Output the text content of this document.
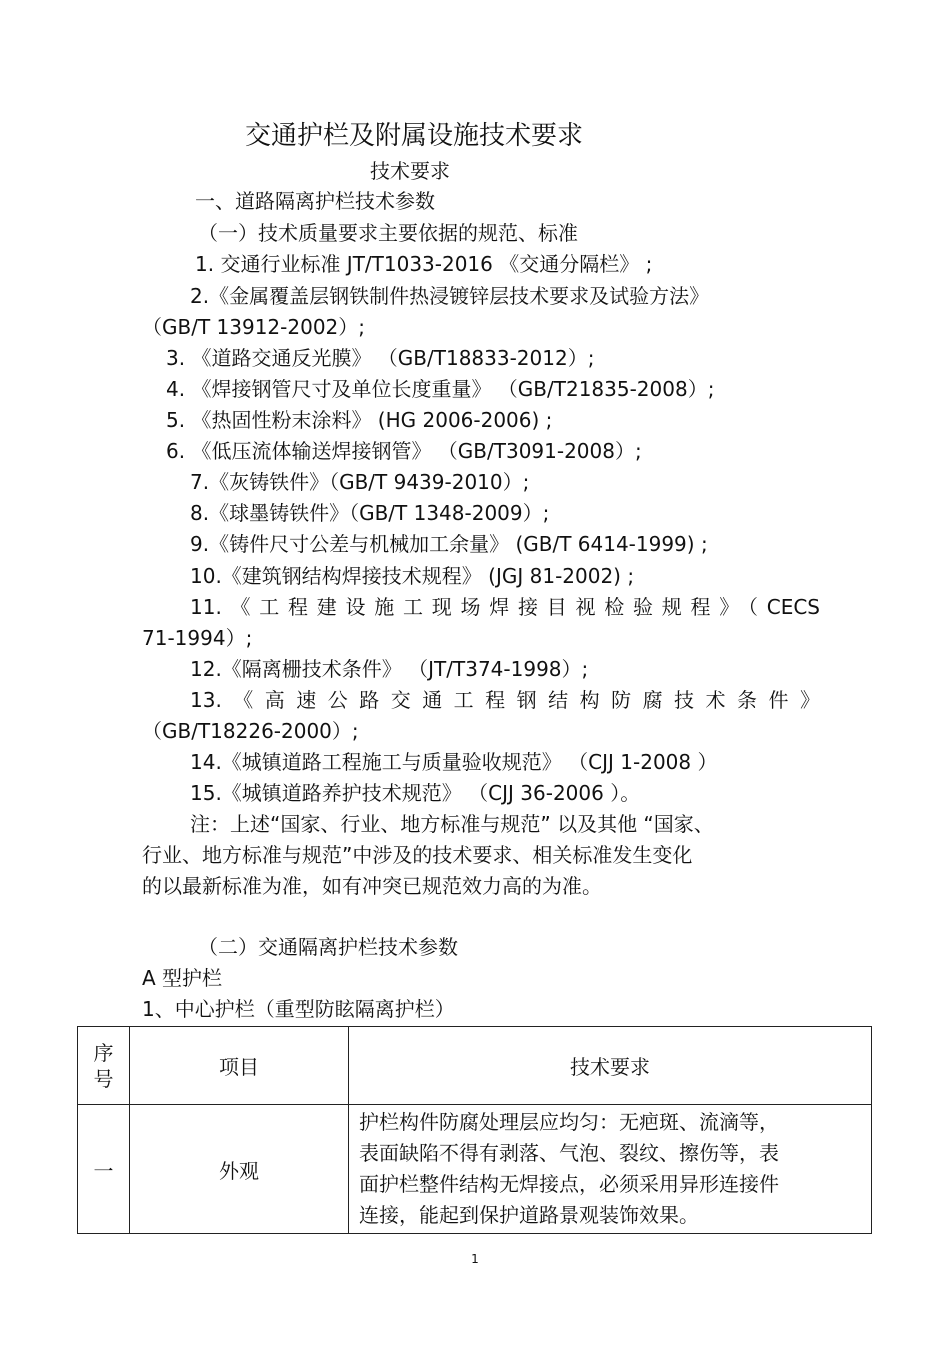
交通护栏及附属设施技术要求
技术要求
一、道路隔离护栏技术参数
（一）技术质量要求主要依据的规范、标准
1. 交通行业标准 JT/T1033-2016 《交通分隔栏》 ;
2.《金属覆盖层钢铁制件热浸镀锌层技术要求及试验方法》
（GB/T 13912-2002）;
3. 《道路交通反光膜》 （GB/T18833-2012）;
4. 《焊接钢管尺寸及单位长度重量》 （GB/T21835-2008）;
5. 《热固性粉末涂料》 (HG 2006-2006) ;
6. 《低压流体输送焊接钢管》 （GB/T3091-2008）;
7.《灰铸铁件》（GB/T 9439-2010）;
8.《球墨铸铁件》（GB/T 1348-2009）;
9.《铸件尺寸公差与机械加工余量》 (GB/T 6414-1999) ;
10.《建筑钢结构焊接技术规程》 (JGJ 81-2002) ;
11.《工程建设施工现场焊接目视检验规程》（CECS
71-1994）;
12.《隔离栅技术条件》 （JT/T374-1998）;
13.《高速公路交通工程钢结构防腐技术条件》
（GB/T18226-2000）;
14.《城镇道路工程施工与质量验收规范》 （CJJ 1-2008 ）
15.《城镇道路养护技术规范》 （CJJ 36-2006 ）。
注：上述“国家、行业、地方标准与规范” 以及其他 “国家、
行业、地方标准与规范”中涉及的技术要求、相关标准发生变化
的以最新标准为准，如有冲突已规范效力高的为准。
（二）交通隔离护栏技术参数
A 型护栏
1、中心护栏（重型防眩隔离护栏）
序号	项目	技术要求
一	外观	护栏构件防腐处理层应均匀：无疤斑、流滴等，
表面缺陷不得有剥落、气泡、裂纹、擦伤等，表
面护栏整件结构无焊接点，必须采用异形连接件
连接，能起到保护道路景观装饰效果。
1
